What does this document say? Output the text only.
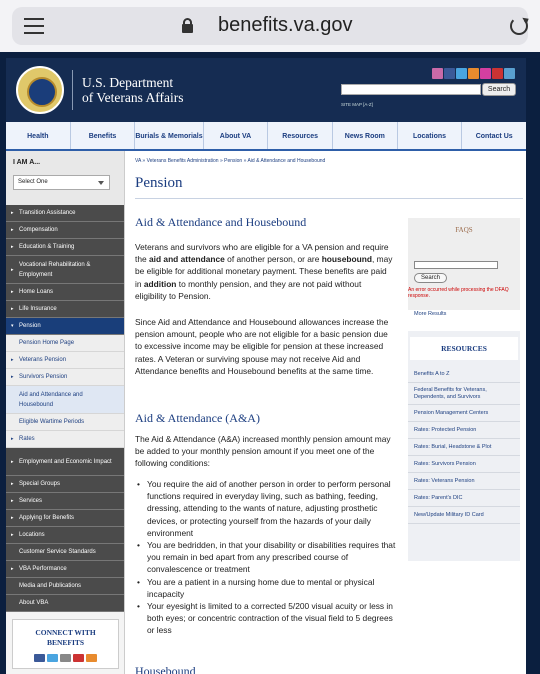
benefits.va.gov
U.S. Department
of Veterans Affairs
Search
SITE MAP [A-Z]
Health	Benefits	Burials & Memorials	About VA	Resources	News Room	Locations	Contact Us
I AM A...
Select One
▸ Transition Assistance
▸ Compensation
▸ Education & Training
▸
Vocational Rehabilitation & Employment
▸ Home Loans
▸ Life Insurance
▾ Pension
Pension Home Page
▸ Veterans Pension
▸ Survivors Pension
Aid and Attendance and Housebound
Eligible Wartime Periods
▸ Rates
▸ Employment and Economic Impact
▸ Special Groups
▸ Services
▸ Applying for Benefits
▸ Locations
Customer Service Standards
▸ VBA Performance
Media and Publications
About VBA
CONNECT WITH
BENEFITS
VA » Veterans Benefits Administration » Pension » Aid & Attendance and Housebound
Pension
Aid & Attendance and Housebound
Veterans and survivors who are eligible for a VA pension and require the aid and attendance of another person, or are housebound, may be eligible for additional monetary payment. These benefits are paid in addition to monthly pension, and they are not paid without eligibility to Pension.
Since Aid and Attendance and Housebound allowances increase the pension amount, people who are not eligible for a basic pension due to excessive income may be eligible for pension at these increased rates. A Veteran or surviving spouse may not receive Aid and Attendance benefits and Housebound benefits at the same time.
Aid & Attendance (A&A)
The Aid & Attendance (A&A) increased monthly pension amount may be added to your monthly pension amount if you meet one of the following conditions:
• You require the aid of another person in order to perform personal functions required in everyday living, such as bathing, feeding, dressing, attending to the wants of nature, adjusting prosthetic devices, or protecting yourself from the hazards of your daily environment
• You are bedridden, in that your disability or disabilities requires that you remain in bed apart from any prescribed course of convalescence or treatment
• You are a patient in a nursing home due to mental or physical incapacity
• Your eyesight is limited to a corrected 5/200 visual acuity or less in both eyes; or concentric contraction of the visual field to 5 degrees or less
Housebound
FAQS
Search
An error occurred while processing the DFAQ response.
More Results
RESOURCES
Benefits A to Z
Federal Benefits for Veterans, Dependents, and Survivors
Pension Management Centers
Rates: Protected Pension
Rates: Burial, Headstone & Plot
Rates: Survivors Pension
Rates: Veterans Pension
Rates: Parent's DIC
New/Update Military ID Card
